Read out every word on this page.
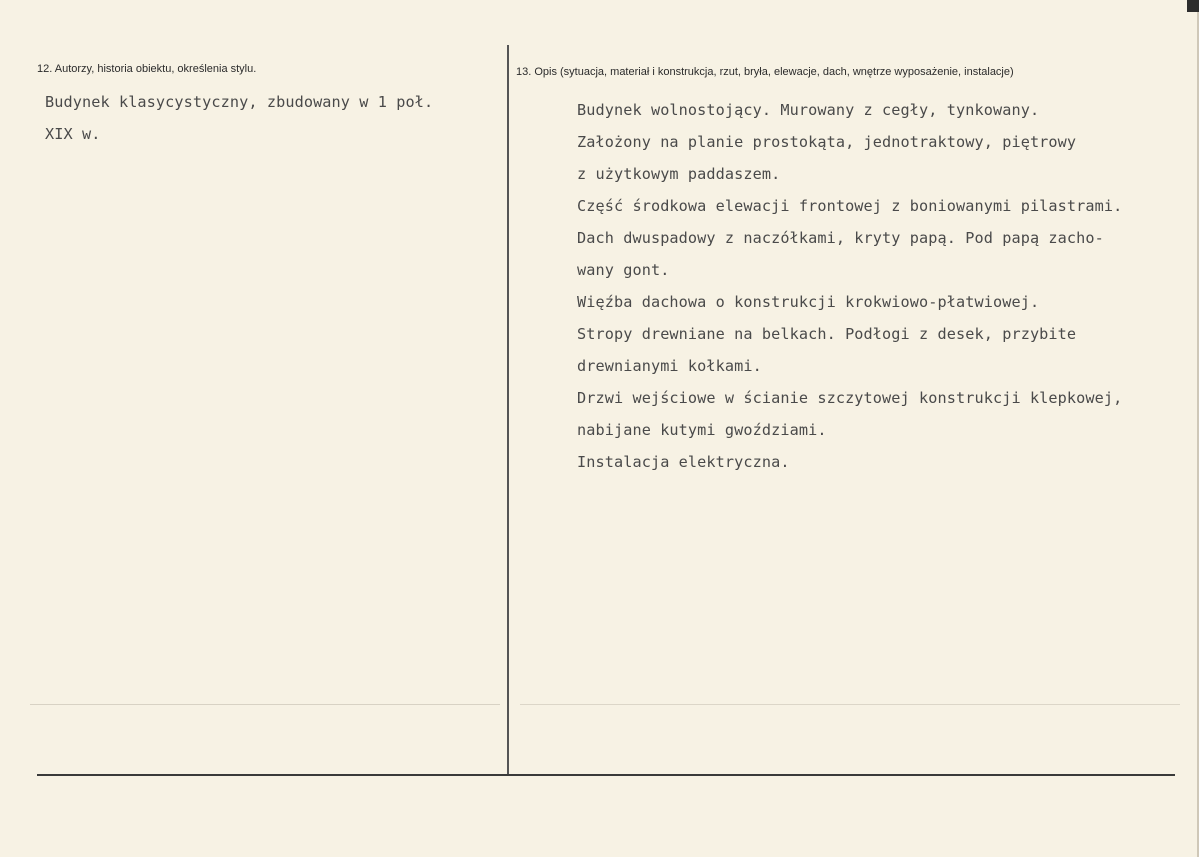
12. Autorzy, historia obiektu, określenia stylu.
Budynek klasycystyczny, zbudowany w 1 poł.
XIX w.
13. Opis (sytuacja, materiał i konstrukcja, rzut, bryła, elewacje, dach, wnętrze wyposażenie, instalacje)
Budynek wolnostojący. Murowany z cegły, tynkowany.
Założony na planie prostokąta, jednotraktowy, piętrowy
z użytkowym paddaszem.
Część środkowa elewacji frontowej z boniowanymi pilastrami.
Dach dwuspadowy z naczółkami, kryty papą. Pod papą zacho-
wany gont.
Więźba dachowa o konstrukcji krokwiowo-płatwiowej.
Stropy drewniane na belkach. Podłogi z desek, przybite
drewnianymi kołkami.
Drzwi wejściowe w ścianie szczytowej konstrukcji klepkowej,
nabijane kutymi gwoździami.
Instalacja elektryczna.
